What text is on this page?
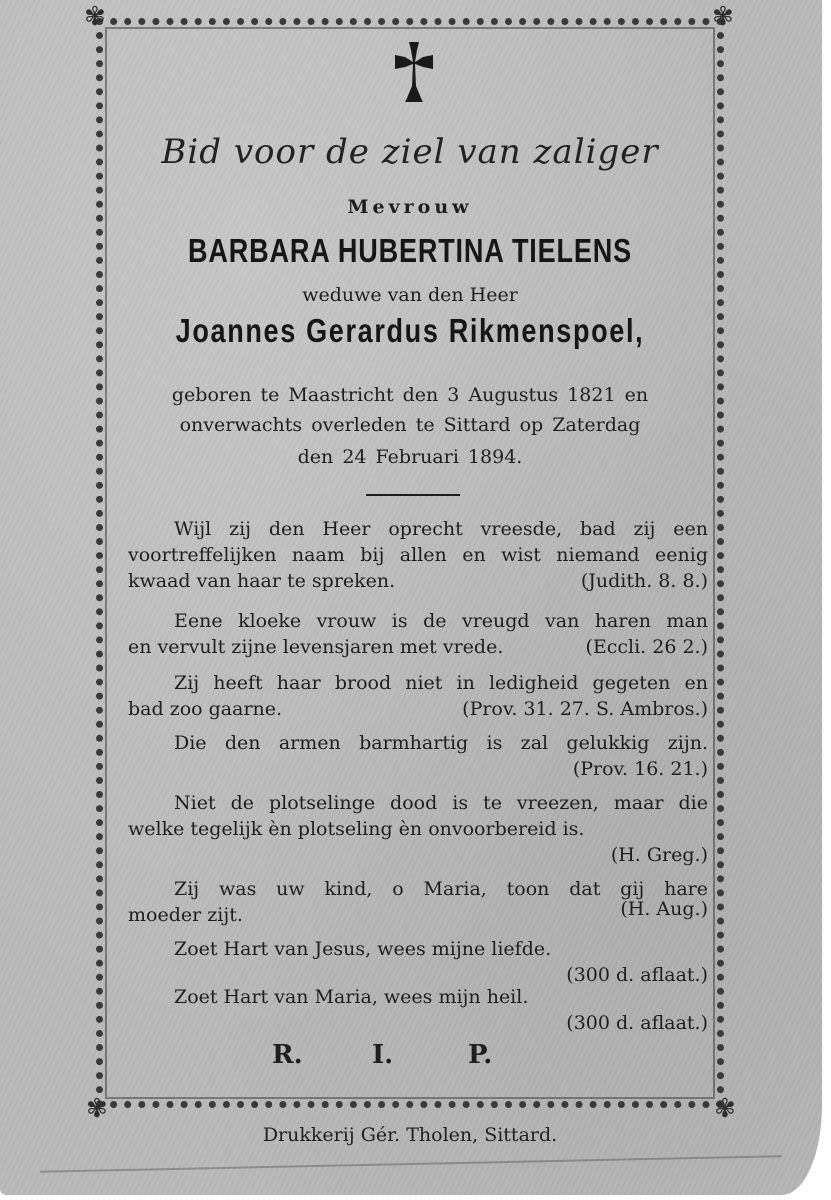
✾	✾
✾	✾
Bid voor de ziel van zaliger
Mevrouw
BARBARA HUBERTINA TIELENS
weduwe van den Heer
Joannes Gerardus Rikmenspoel,
geboren te Maastricht den 3 Augustus 1821 en
onverwachts overleden te Sittard op Zaterdag
den 24 Februari 1894.
Wijl zij den Heer oprecht vreesde, bad zij een
voortreffelijken naam bij allen en wist niemand eenig
kwaad van haar te spreken.	(Judith. 8. 8.)
Eene kloeke vrouw is de vreugd van haren man
en vervult zijne levensjaren met vrede.	(Eccli. 26 2.)
Zij heeft haar brood niet in ledigheid gegeten en
bad zoo gaarne.	(Prov. 31. 27. S. Ambros.)
Die den armen barmhartig is zal gelukkig zijn.
(Prov. 16. 21.)
Niet de plotselinge dood is te vreezen, maar die
welke tegelijk èn plotseling èn onvoorbereid is.
(H. Greg.)
Zij was uw kind, o Maria, toon dat gij hare
moeder zijt.	(H. Aug.)
Zoet Hart van Jesus, wees mijne liefde.
(300 d. aflaat.)
Zoet Hart van Maria, wees mijn heil.
(300 d. aflaat.)
R.	I.	P.
Drukkerij Gér. Tholen, Sittard.
